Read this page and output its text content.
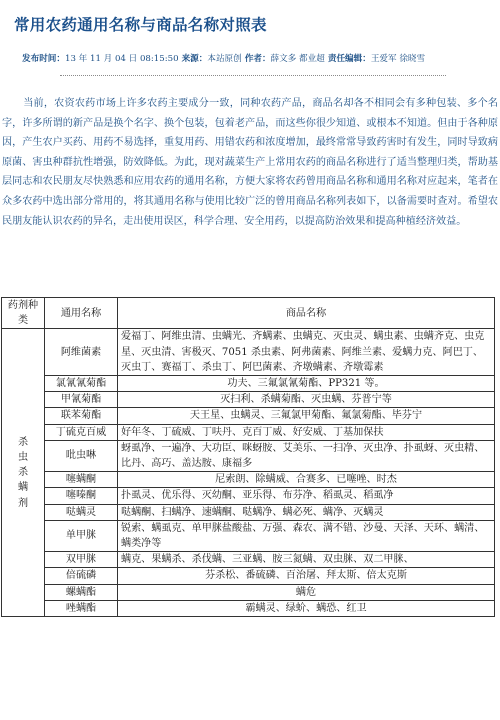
常用农药通用名称与商品名称对照表
发布时间：13 年 11 月 04 日 08:15:50 来源：本站原创 作者：薛文多 都业超 责任编辑：王爱军 徐晓雪

当前，农资农药市场上许多农药主要成分一致，同种农药产品，商品名却各不相同会有多种包装、多个名字，许多所谓的新产品是换个名字、换个包装，包着老产品，而这些你很少知道、或根本不知道。但由于各种原因，产生农户买药、用药不易选择，重复用药、用错农药和浓度增加，最终常常导致药害时有发生，同时导致病原菌、害虫种群抗性增强，防效降低。为此，现对蔬菜生产上常用农药的商品名称进行了适当整理归类，帮助基层同志和农民朋友尽快熟悉和应用农药的通用名称，方便大家将农药曾用商品名称和通用名称对应起来，笔者在众多农药中选出部分常用的，将其通用名称与使用比较广泛的曾用商品名称列表如下，以备需要时查对。希望农民朋友能认识农药的异名，走出使用误区，科学合理、安全用药，以提高防治效果和提高种植经济效益。

药剂种类	通用名称	商品名称

杀
虫
杀
螨
剂	阿维菌素	爱福丁、阿维虫清、虫螨光、齐螨素、虫螨克、灭虫灵、螨虫素、虫螨齐克、虫克星、灭虫清、害极灭、7051 杀虫素、阿弗菌素、阿维兰素、爱螨力克、阿巴丁、灭虫丁、赛福丁、杀虫丁、阿巴菌素、齐墩螨素、齐墩霉素
	氯氰氰菊酯	功夫、三氟氯氰菊酯、PP321 等。
	甲氰菊酯	灭扫利、杀螨菊酯、灭虫螨、芬普宁等
	联苯菊酯	天王星、虫螨灵、三氟氯甲菊酯、氟氯菊酯、毕芬宁
	丁硫克百威	好年冬、丁硫威、丁呋丹、克百丁威、好安威、丁基加保扶
	吡虫啉	蚜虱净、一遍净、大功臣、咪蚜胺、艾美乐、一扫净、灭虫净、扑虱蚜、灭虫精、比丹、高巧、盖达胺、康福多
	噻螨酮	尼索朗、除螨威、合赛多、已噻唑、时杰
	噻嗪酮	扑虱灵、优乐得、灭幼酮、亚乐得、布芬净、稻虱灵、稻虱净
	哒螨灵	哒螨酮、扫螨净、速螨酮、哒螨净、螨必死、螨净、灭螨灵
	单甲脒	锐索、螨虱克、单甲脒盐酸盐、万强、森农、满不错、沙曼、天泽、天环、螨清、螨类净等
	双甲脒	螨克、果螨杀、杀伐螨、三亚螨、胺三氮螨、双虫脒、双二甲脒、
	倍硫磷	芬杀松、番硫磷、百治屠、拜太斯、倍太克斯
	螺螨酯	螨危
	唑螨酯	霸螨灵、绿蚧、螨恐、红卫
